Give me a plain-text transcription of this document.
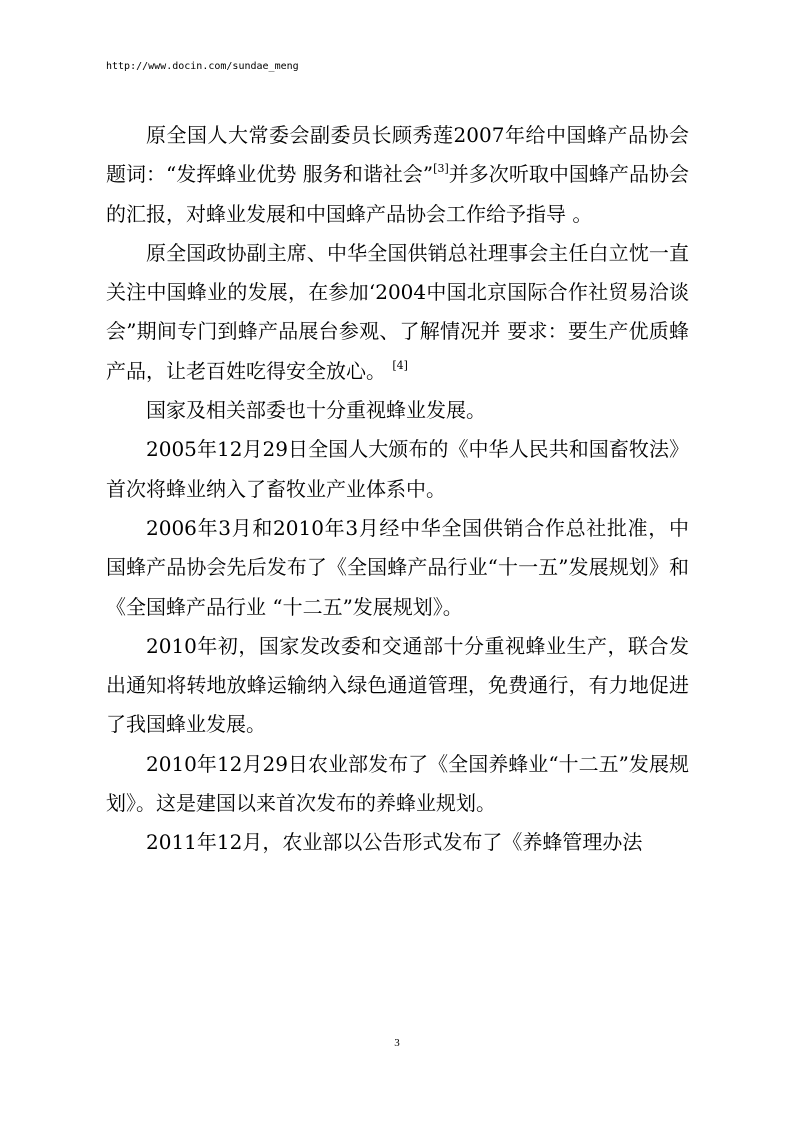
http://www.docin.com/sundae_meng

原全国人大常委会副委员长顾秀莲2007年给中国蜂产品协会题词：“发挥蜂业优势 服务和谐社会”[3]并多次听取中国蜂产品协会的汇报，对蜂业发展和中国蜂产品协会工作给予指导 。

原全国政协副主席、中华全国供销总社理事会主任白立忱一直关注中国蜂业的发展，在参加‘2004中国北京国际合作社贸易洽谈会”期间专门到蜂产品展台参观、了解情况并 要求：要生产优质蜂产品，让老百姓吃得安全放心。 [4]

国家及相关部委也十分重视蜂业发展。

2005年12月29日全国人大颁布的《中华人民共和国畜牧法》首次将蜂业纳入了畜牧业产业体系中。

2006年3月和2010年3月经中华全国供销合作总社批准，中国蜂产品协会先后发布了《全国蜂产品行业“十一五”发展规划》和《全国蜂产品行业 “十二五”发展规划》。

2010年初，国家发改委和交通部十分重视蜂业生产，联合发出通知将转地放蜂运输纳入绿色通道管理，免费通行，有力地促进了我国蜂业发展。

2010年12月29日农业部发布了《全国养蜂业“十二五”发展规划》。这是建国以来首次发布的养蜂业规划。

2011年12月，农业部以公告形式发布了《养蜂管理办法

3
